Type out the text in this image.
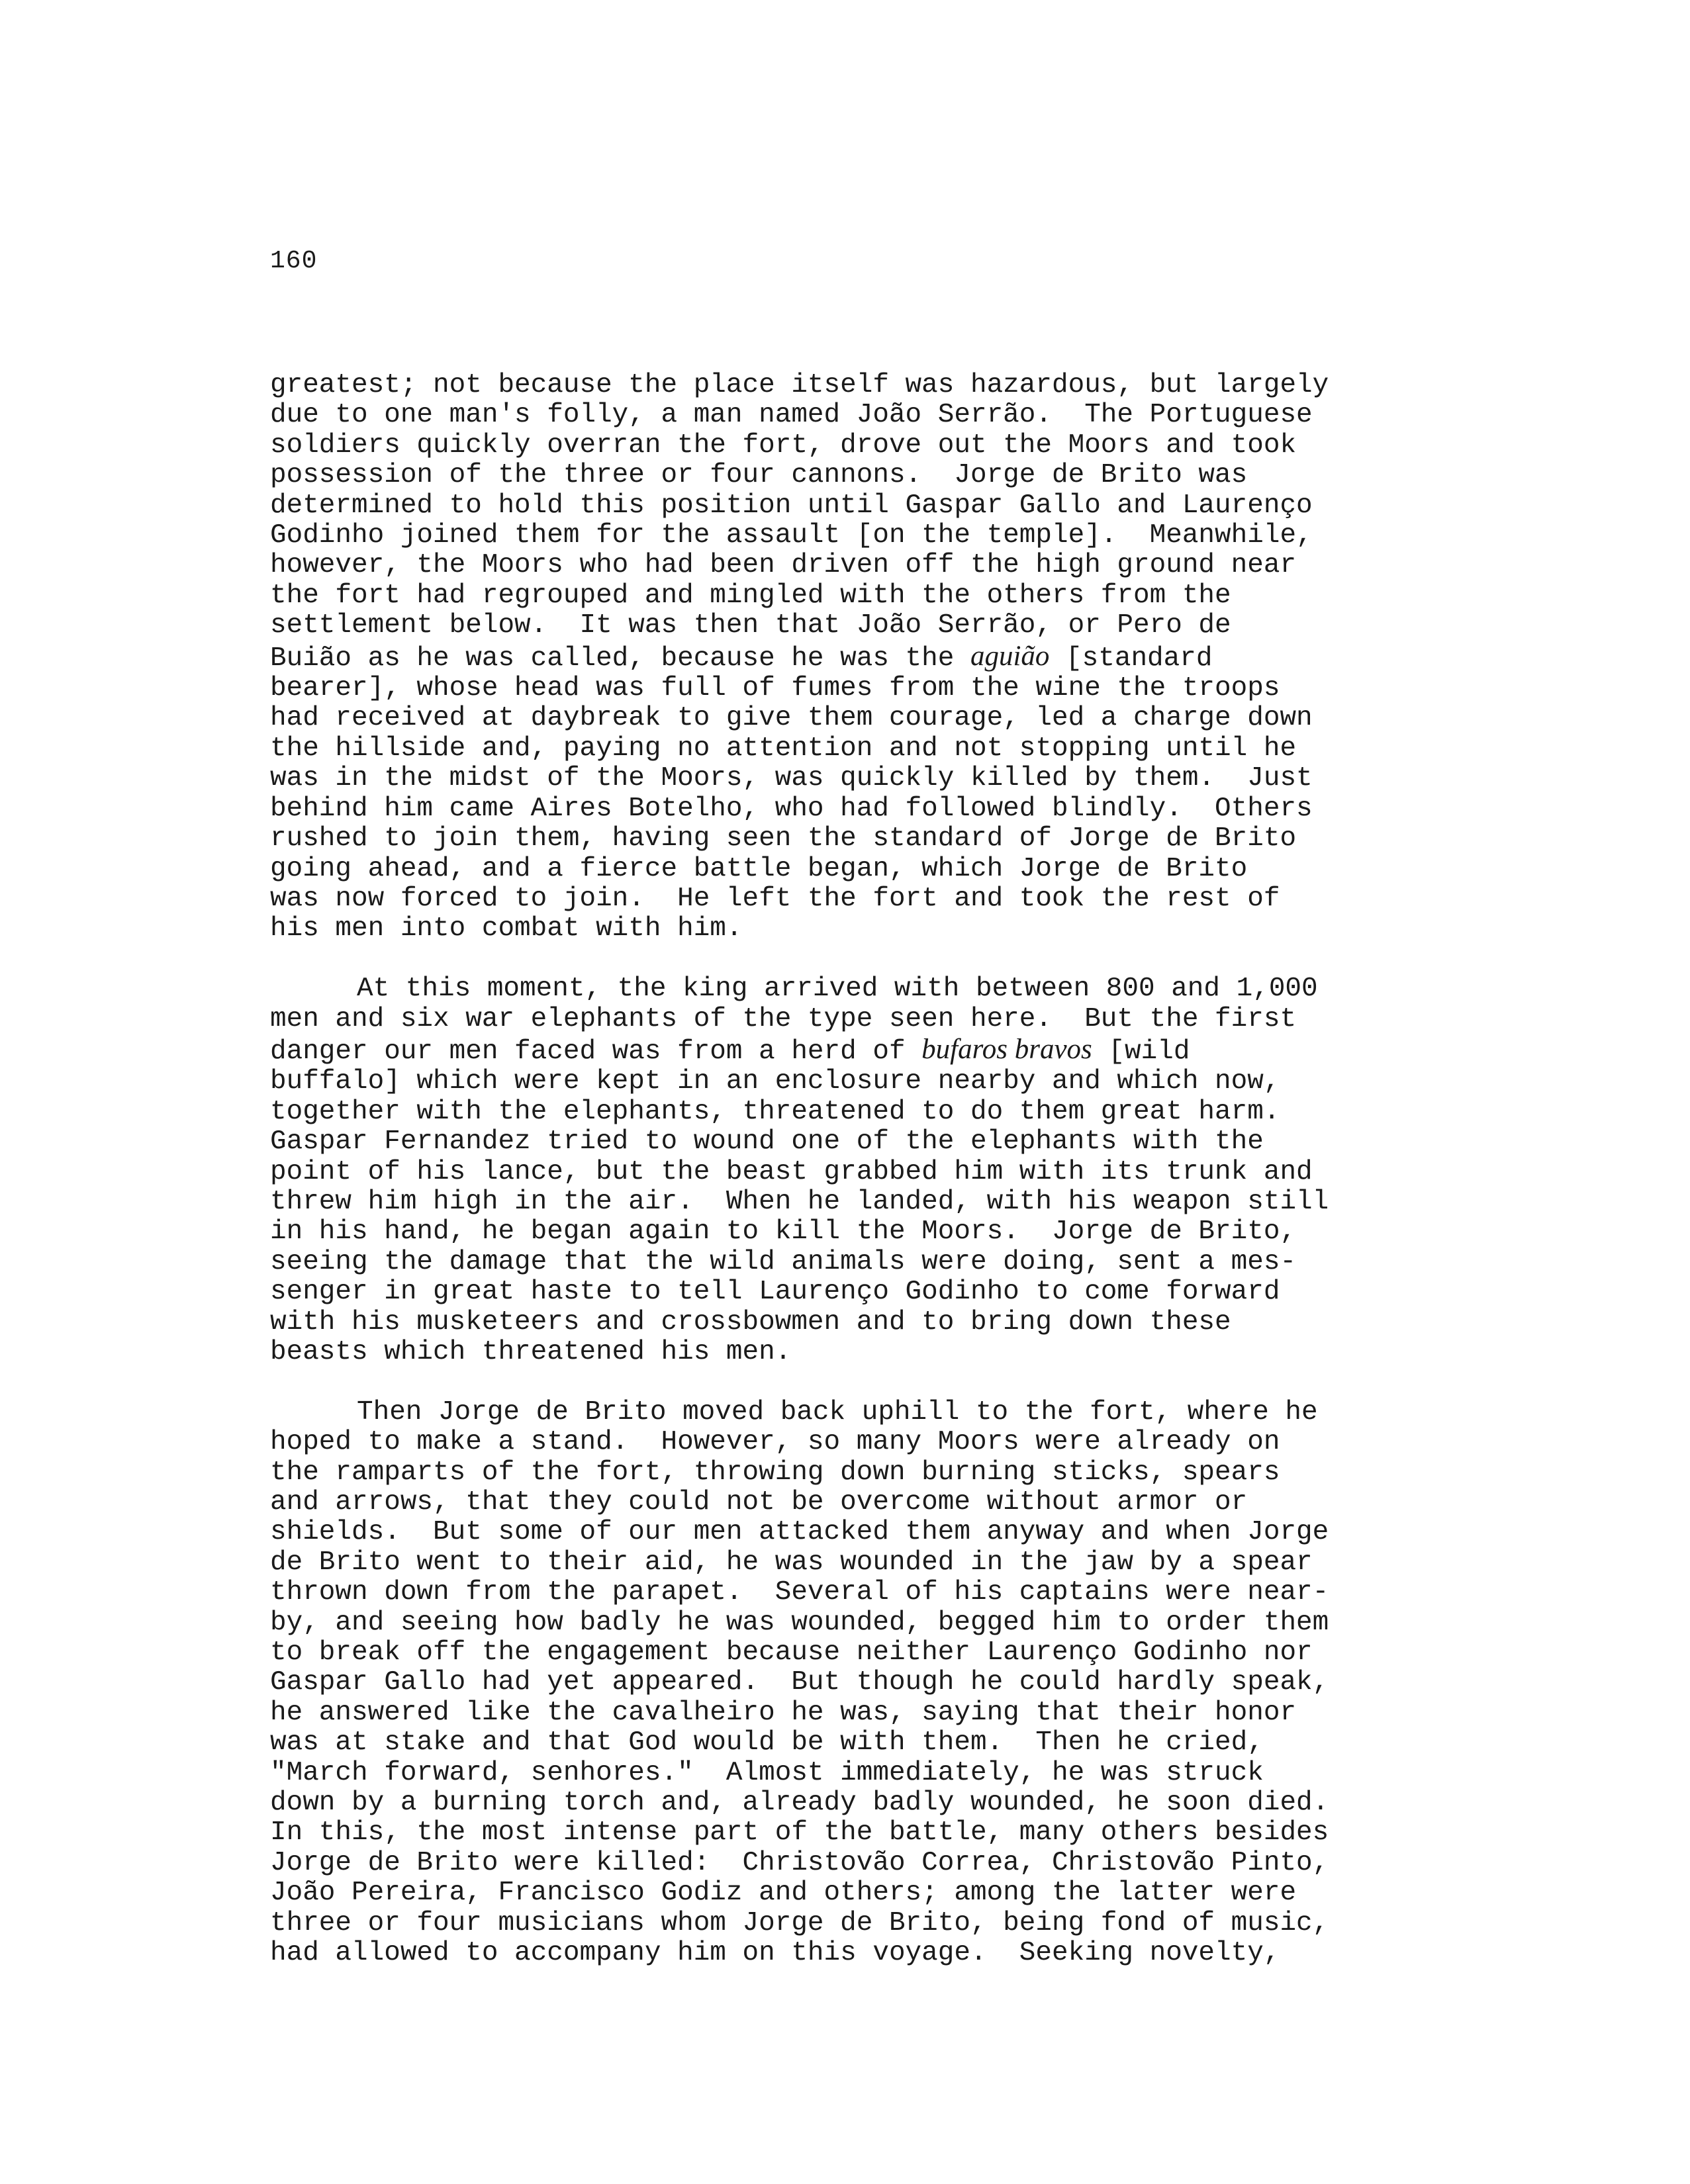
160
greatest; not because the place itself was hazardous, but largely
due to one man's folly, a man named João Serrão.  The Portuguese
soldiers quickly overran the fort, drove out the Moors and took
possession of the three or four cannons.  Jorge de Brito was
determined to hold this position until Gaspar Gallo and Laurenço
Godinho joined them for the assault [on the temple].  Meanwhile,
however, the Moors who had been driven off the high ground near
the fort had regrouped and mingled with the others from the
settlement below.  It was then that João Serrão, or Pero de
Buião as he was called, because he was the aguião [standard
bearer], whose head was full of fumes from the wine the troops
had received at daybreak to give them courage, led a charge down
the hillside and, paying no attention and not stopping until he
was in the midst of the Moors, was quickly killed by them.  Just
behind him came Aires Botelho, who had followed blindly.  Others
rushed to join them, having seen the standard of Jorge de Brito
going ahead, and a fierce battle began, which Jorge de Brito
was now forced to join.  He left the fort and took the rest of
his men into combat with him.
At this moment, the king arrived with between 800 and 1,000
men and six war elephants of the type seen here.  But the first
danger our men faced was from a herd of bufaros bravos [wild
buffalo] which were kept in an enclosure nearby and which now,
together with the elephants, threatened to do them great harm.
Gaspar Fernandez tried to wound one of the elephants with the
point of his lance, but the beast grabbed him with its trunk and
threw him high in the air.  When he landed, with his weapon still
in his hand, he began again to kill the Moors.  Jorge de Brito,
seeing the damage that the wild animals were doing, sent a mes-
senger in great haste to tell Laurenço Godinho to come forward
with his musketeers and crossbowmen and to bring down these
beasts which threatened his men.
Then Jorge de Brito moved back uphill to the fort, where he
hoped to make a stand.  However, so many Moors were already on
the ramparts of the fort, throwing down burning sticks, spears
and arrows, that they could not be overcome without armor or
shields.  But some of our men attacked them anyway and when Jorge
de Brito went to their aid, he was wounded in the jaw by a spear
thrown down from the parapet.  Several of his captains were near-
by, and seeing how badly he was wounded, begged him to order them
to break off the engagement because neither Laurenço Godinho nor
Gaspar Gallo had yet appeared.  But though he could hardly speak,
he answered like the cavalheiro he was, saying that their honor
was at stake and that God would be with them.  Then he cried,
"March forward, senhores."  Almost immediately, he was struck
down by a burning torch and, already badly wounded, he soon died.
In this, the most intense part of the battle, many others besides
Jorge de Brito were killed:  Christovão Correa, Christovão Pinto,
João Pereira, Francisco Godiz and others; among the latter were
three or four musicians whom Jorge de Brito, being fond of music,
had allowed to accompany him on this voyage.  Seeking novelty,
